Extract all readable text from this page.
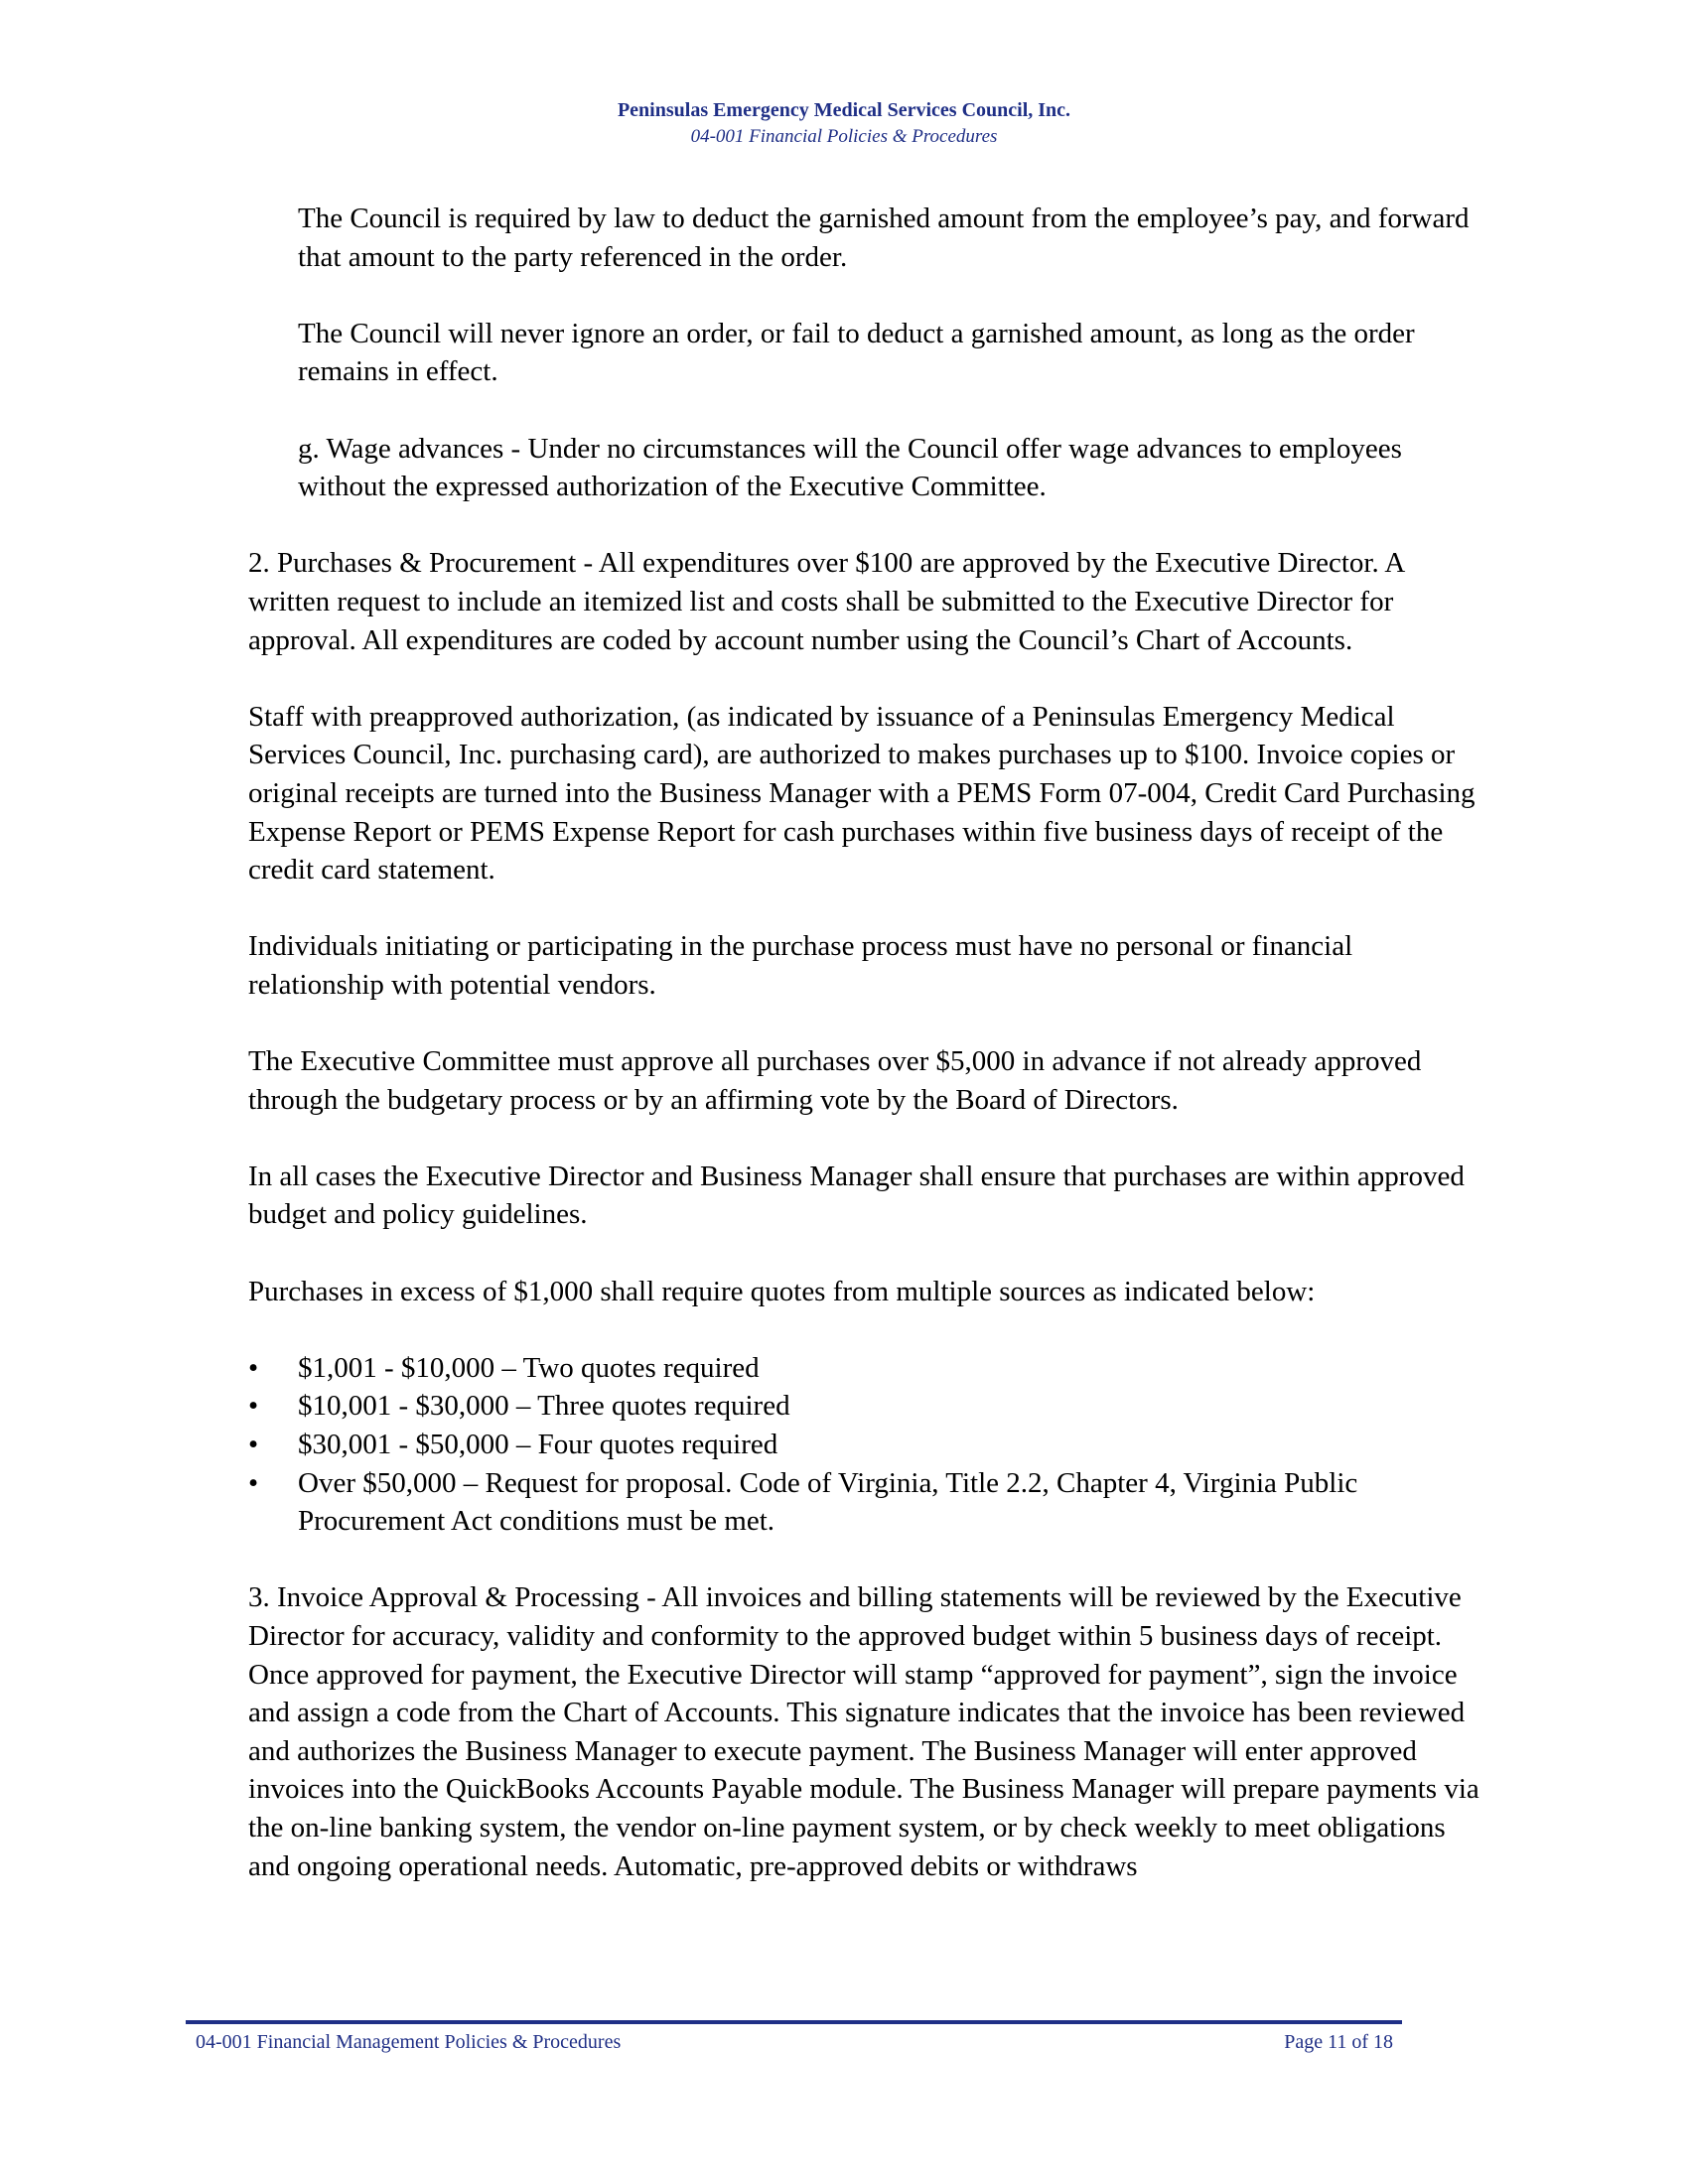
Peninsulas Emergency Medical Services Council, Inc.
04-001 Financial Policies & Procedures

The Council is required by law to deduct the garnished amount from the employee’s pay, and forward that amount to the party referenced in the order.

The Council will never ignore an order, or fail to deduct a garnished amount, as long as the order remains in effect.

g. Wage advances - Under no circumstances will the Council offer wage advances to employees without the expressed authorization of the Executive Committee.

2. Purchases & Procurement - All expenditures over $100 are approved by the Executive Director. A written request to include an itemized list and costs shall be submitted to the Executive Director for approval. All expenditures are coded by account number using the Council’s Chart of Accounts.

Staff with preapproved authorization, (as indicated by issuance of a Peninsulas Emergency Medical Services Council, Inc. purchasing card), are authorized to makes purchases up to $100. Invoice copies or original receipts are turned into the Business Manager with a PEMS Form 07-004, Credit Card Purchasing Expense Report or PEMS Expense Report for cash purchases within five business days of receipt of the credit card statement.

Individuals initiating or participating in the purchase process must have no personal or financial relationship with potential vendors.

The Executive Committee must approve all purchases over $5,000 in advance if not already approved through the budgetary process or by an affirming vote by the Board of Directors.

In all cases the Executive Director and Business Manager shall ensure that purchases are within approved budget and policy guidelines.

Purchases in excess of $1,000 shall require quotes from multiple sources as indicated below:

• $1,001 - $10,000 – Two quotes required
• $10,001 - $30,000 – Three quotes required
• $30,001 - $50,000 – Four quotes required
• Over $50,000 – Request for proposal. Code of Virginia, Title 2.2, Chapter 4, Virginia Public Procurement Act conditions must be met.

3. Invoice Approval & Processing - All invoices and billing statements will be reviewed by the Executive Director for accuracy, validity and conformity to the approved budget within 5 business days of receipt. Once approved for payment, the Executive Director will stamp “approved for payment”, sign the invoice and assign a code from the Chart of Accounts. This signature indicates that the invoice has been reviewed and authorizes the Business Manager to execute payment. The Business Manager will enter approved invoices into the QuickBooks Accounts Payable module. The Business Manager will prepare payments via the on-line banking system, the vendor on-line payment system, or by check weekly to meet obligations and ongoing operational needs. Automatic, pre-approved debits or withdraws

04-001 Financial Management Policies & Procedures	Page 11 of 18
